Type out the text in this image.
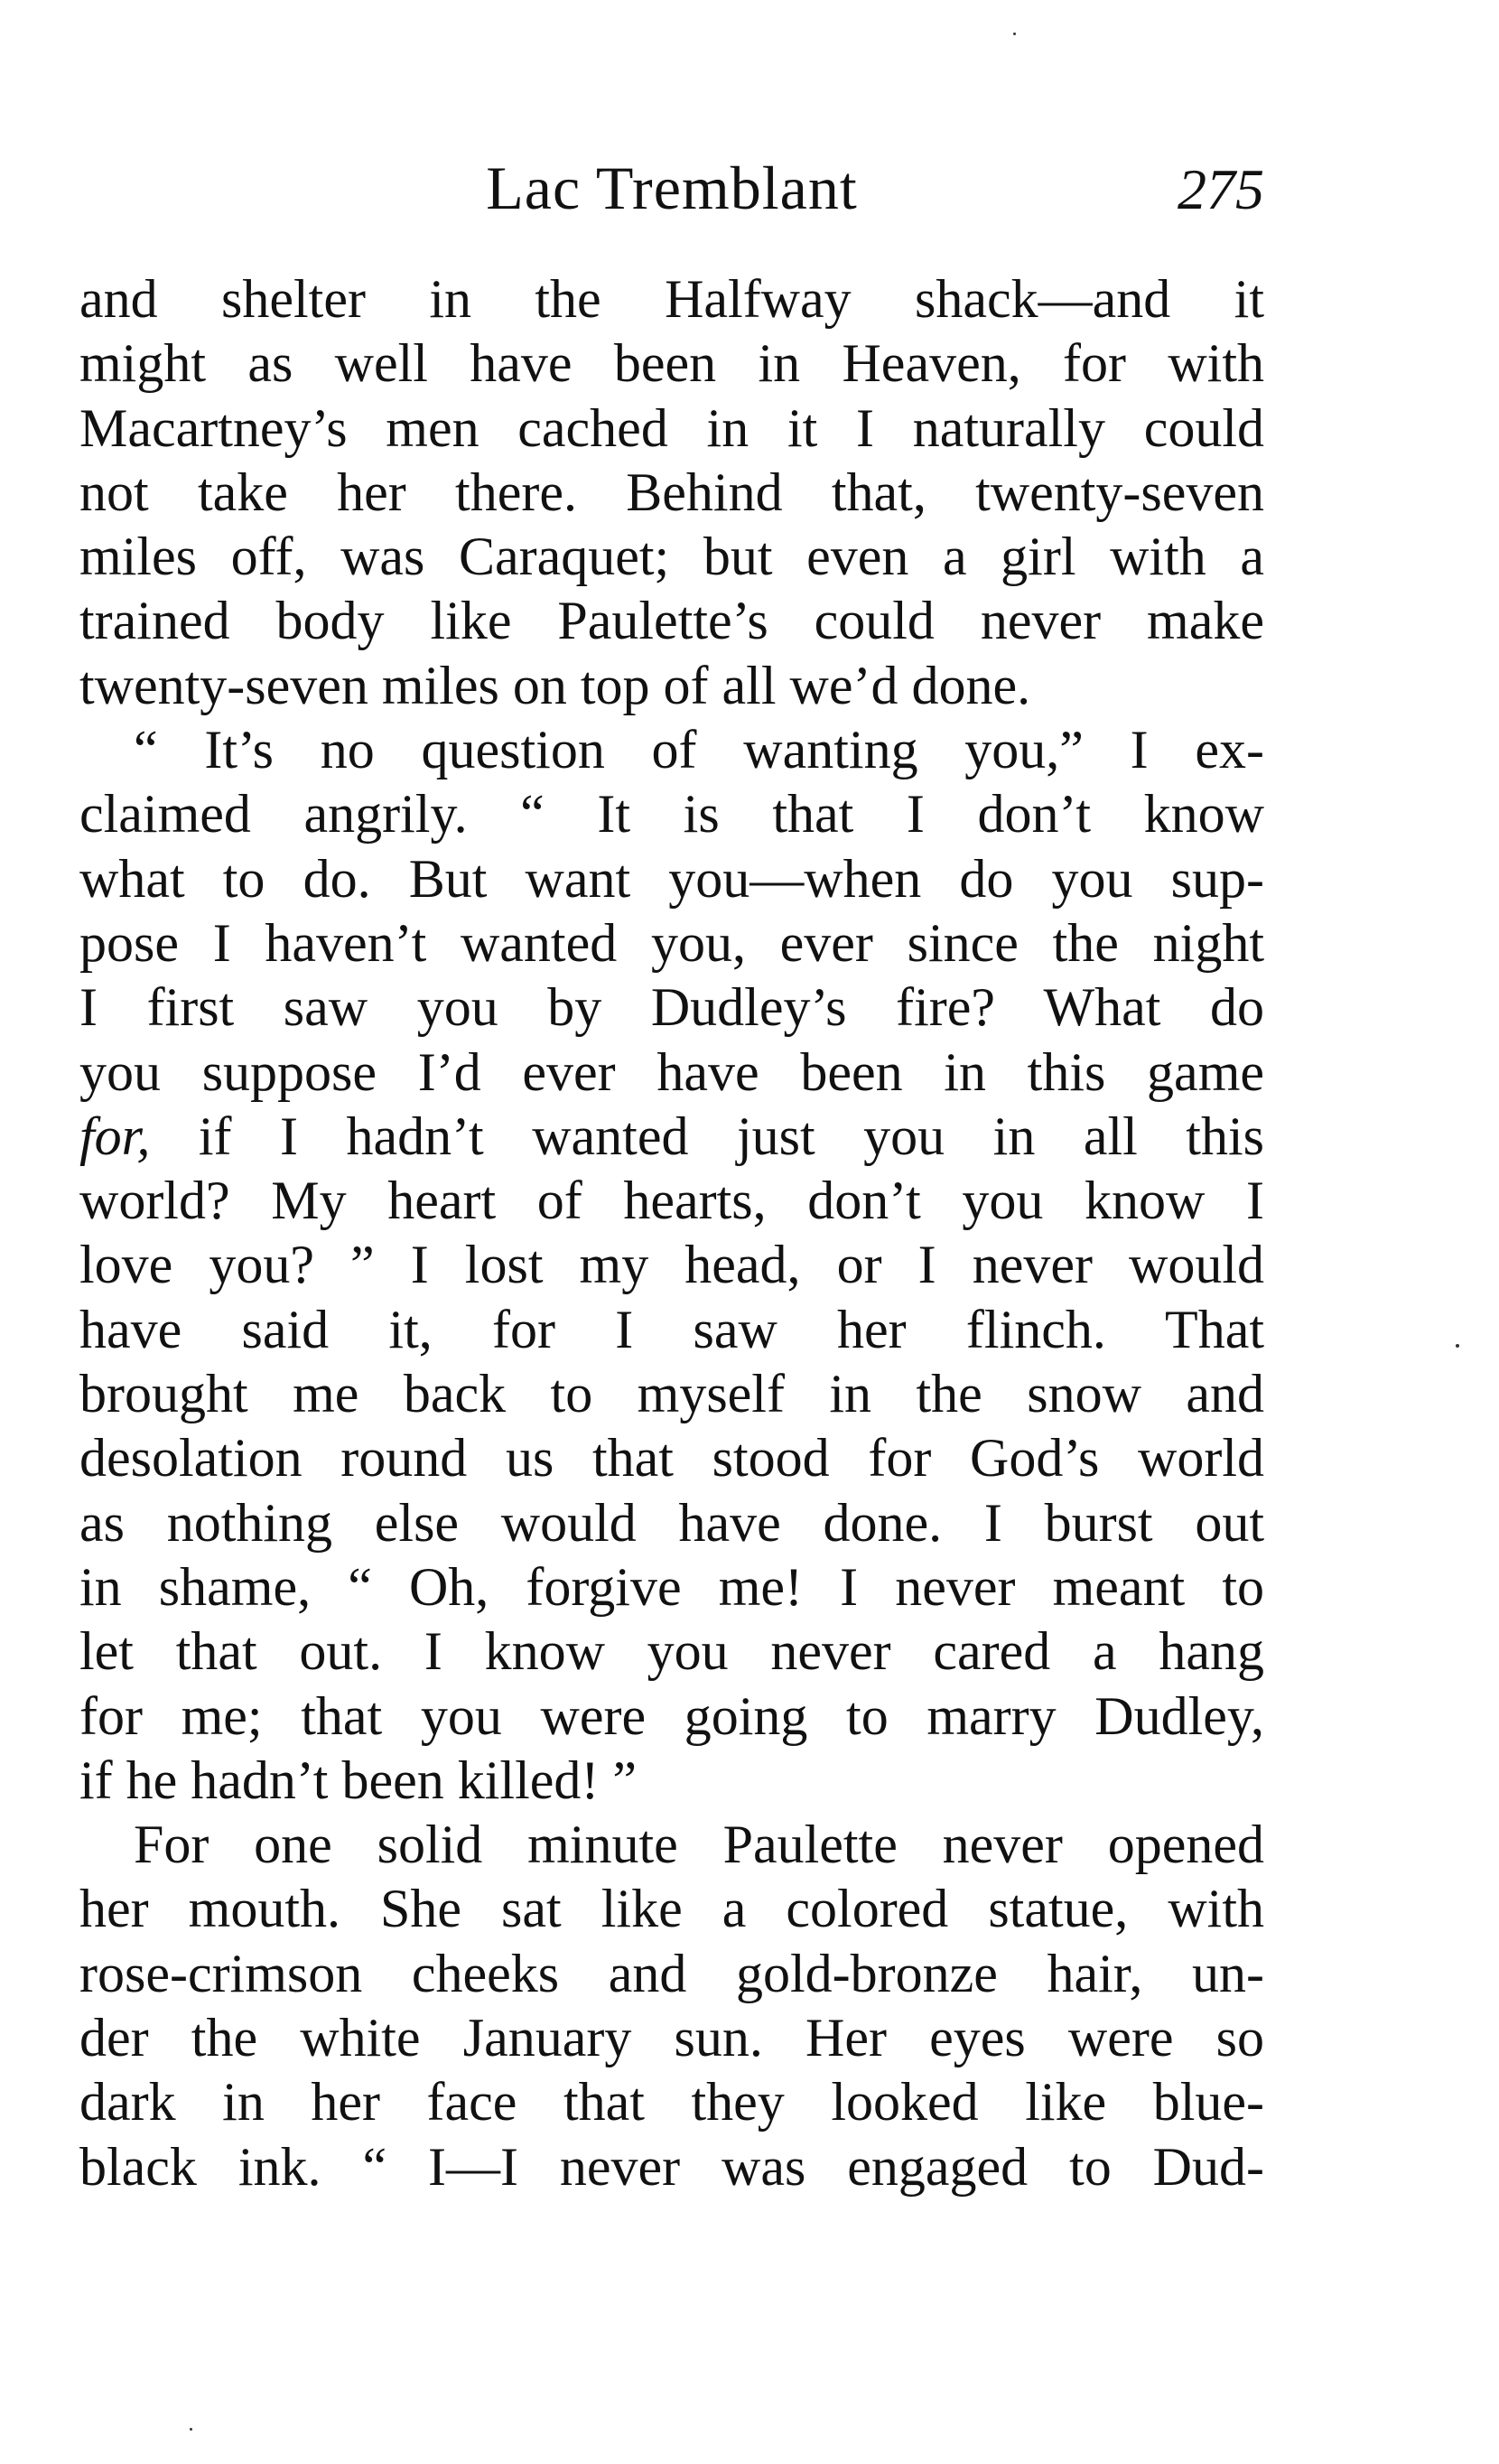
Lac Tremblant	275
and shelter in the Halfway shack—and it
might as well have been in Heaven, for with
Macartney’s men cached in it I naturally could
not take her there. Behind that, twenty-seven
miles off, was Caraquet; but even a girl with a
trained body like Paulette’s could never make
twenty-seven miles on top of all we’d done.
“ It’s no question of wanting you,” I ex-
claimed angrily. “ It is that I don’t know
what to do. But want you—when do you sup-
pose I haven’t wanted you, ever since the night
I first saw you by Dudley’s fire? What do
you suppose I’d ever have been in this game
for, if I hadn’t wanted just you in all this
world? My heart of hearts, don’t you know I
love you? ” I lost my head, or I never would
have said it, for I saw her flinch. That
brought me back to myself in the snow and
desolation round us that stood for God’s world
as nothing else would have done. I burst out
in shame, “ Oh, forgive me! I never meant to
let that out. I know you never cared a hang
for me; that you were going to marry Dudley,
if he hadn’t been killed! ”
For one solid minute Paulette never opened
her mouth. She sat like a colored statue, with
rose-crimson cheeks and gold-bronze hair, un-
der the white January sun. Her eyes were so
dark in her face that they looked like blue-
black ink. “ I—I never was engaged to Dud-
